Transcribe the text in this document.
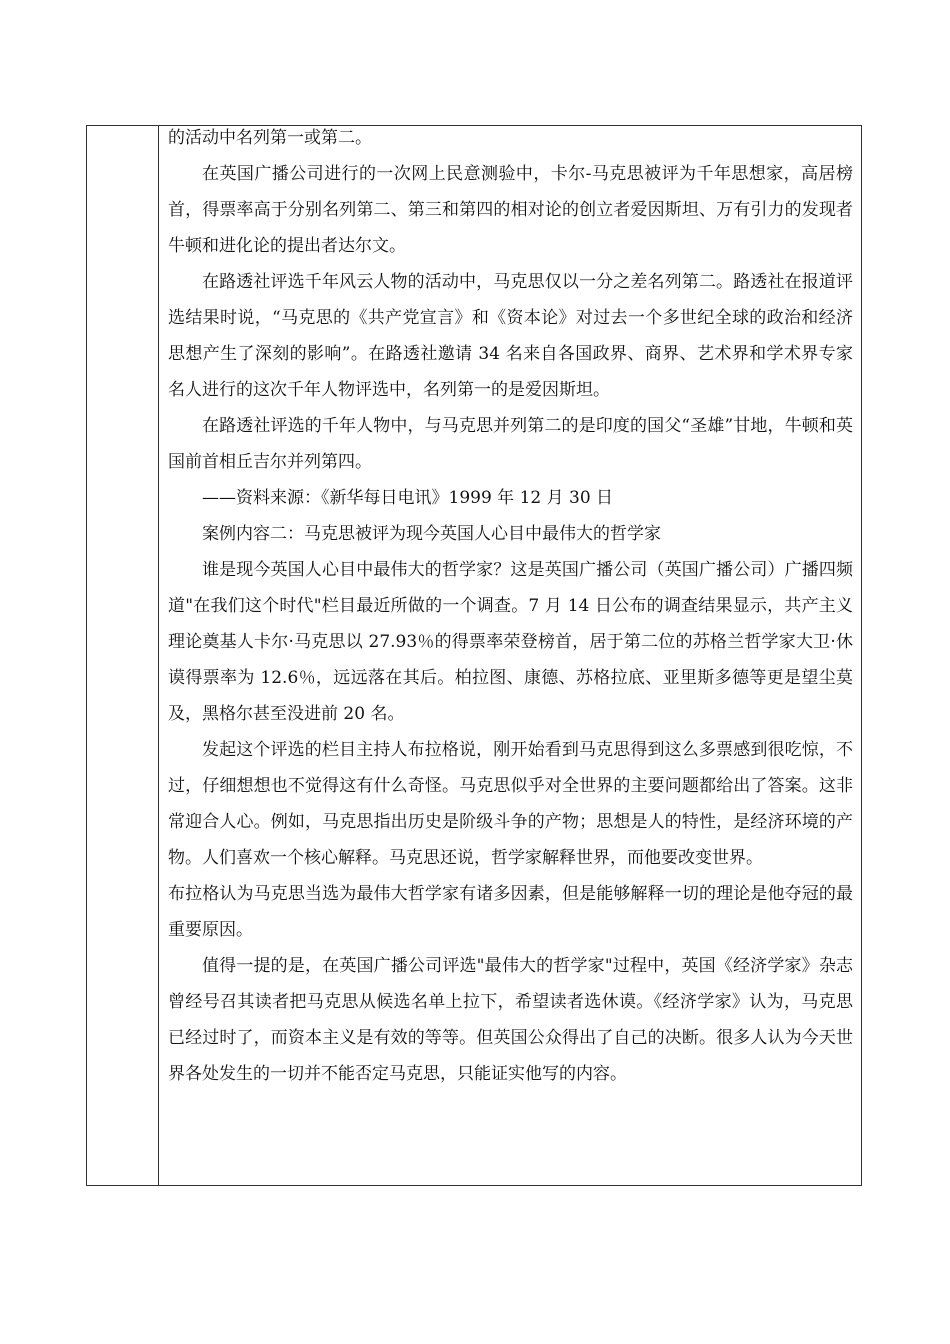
的活动中名列第一或第二。

在英国广播公司进行的一次网上民意测验中，卡尔-马克思被评为千年思想家，高居榜首，得票率高于分别名列第二、第三和第四的相对论的创立者爱因斯坦、万有引力的发现者牛顿和进化论的提出者达尔文。

在路透社评选千年风云人物的活动中，马克思仅以一分之差名列第二。路透社在报道评选结果时说，“马克思的《共产党宣言》和《资本论》对过去一个多世纪全球的政治和经济思想产生了深刻的影响”。在路透社邀请 34 名来自各国政界、商界、艺术界和学术界专家名人进行的这次千年人物评选中，名列第一的是爱因斯坦。

在路透社评选的千年人物中，与马克思并列第二的是印度的国父“圣雄”甘地，牛顿和英国前首相丘吉尔并列第四。

——资料来源：《新华每日电讯》1999 年 12 月 30 日

案例内容二：马克思被评为现今英国人心目中最伟大的哲学家

谁是现今英国人心目中最伟大的哲学家？这是英国广播公司（英国广播公司）广播四频道"在我们这个时代"栏目最近所做的一个调查。7 月 14 日公布的调查结果显示，共产主义理论奠基人卡尔·马克思以 27.93％的得票率荣登榜首，居于第二位的苏格兰哲学家大卫·休谟得票率为 12.6％，远远落在其后。柏拉图、康德、苏格拉底、亚里斯多德等更是望尘莫及，黑格尔甚至没进前 20 名。

发起这个评选的栏目主持人布拉格说，刚开始看到马克思得到这么多票感到很吃惊，不过，仔细想想也不觉得这有什么奇怪。马克思似乎对全世界的主要问题都给出了答案。这非常迎合人心。例如，马克思指出历史是阶级斗争的产物；思想是人的特性，是经济环境的产物。人们喜欢一个核心解释。马克思还说，哲学家解释世界，而他要改变世界。

布拉格认为马克思当选为最伟大哲学家有诸多因素，但是能够解释一切的理论是他夺冠的最重要原因。

值得一提的是，在英国广播公司评选"最伟大的哲学家"过程中，英国《经济学家》杂志曾经号召其读者把马克思从候选名单上拉下，希望读者选休谟。《经济学家》认为，马克思已经过时了，而资本主义是有效的等等。但英国公众得出了自己的决断。很多人认为今天世界各处发生的一切并不能否定马克思，只能证实他写的内容。
